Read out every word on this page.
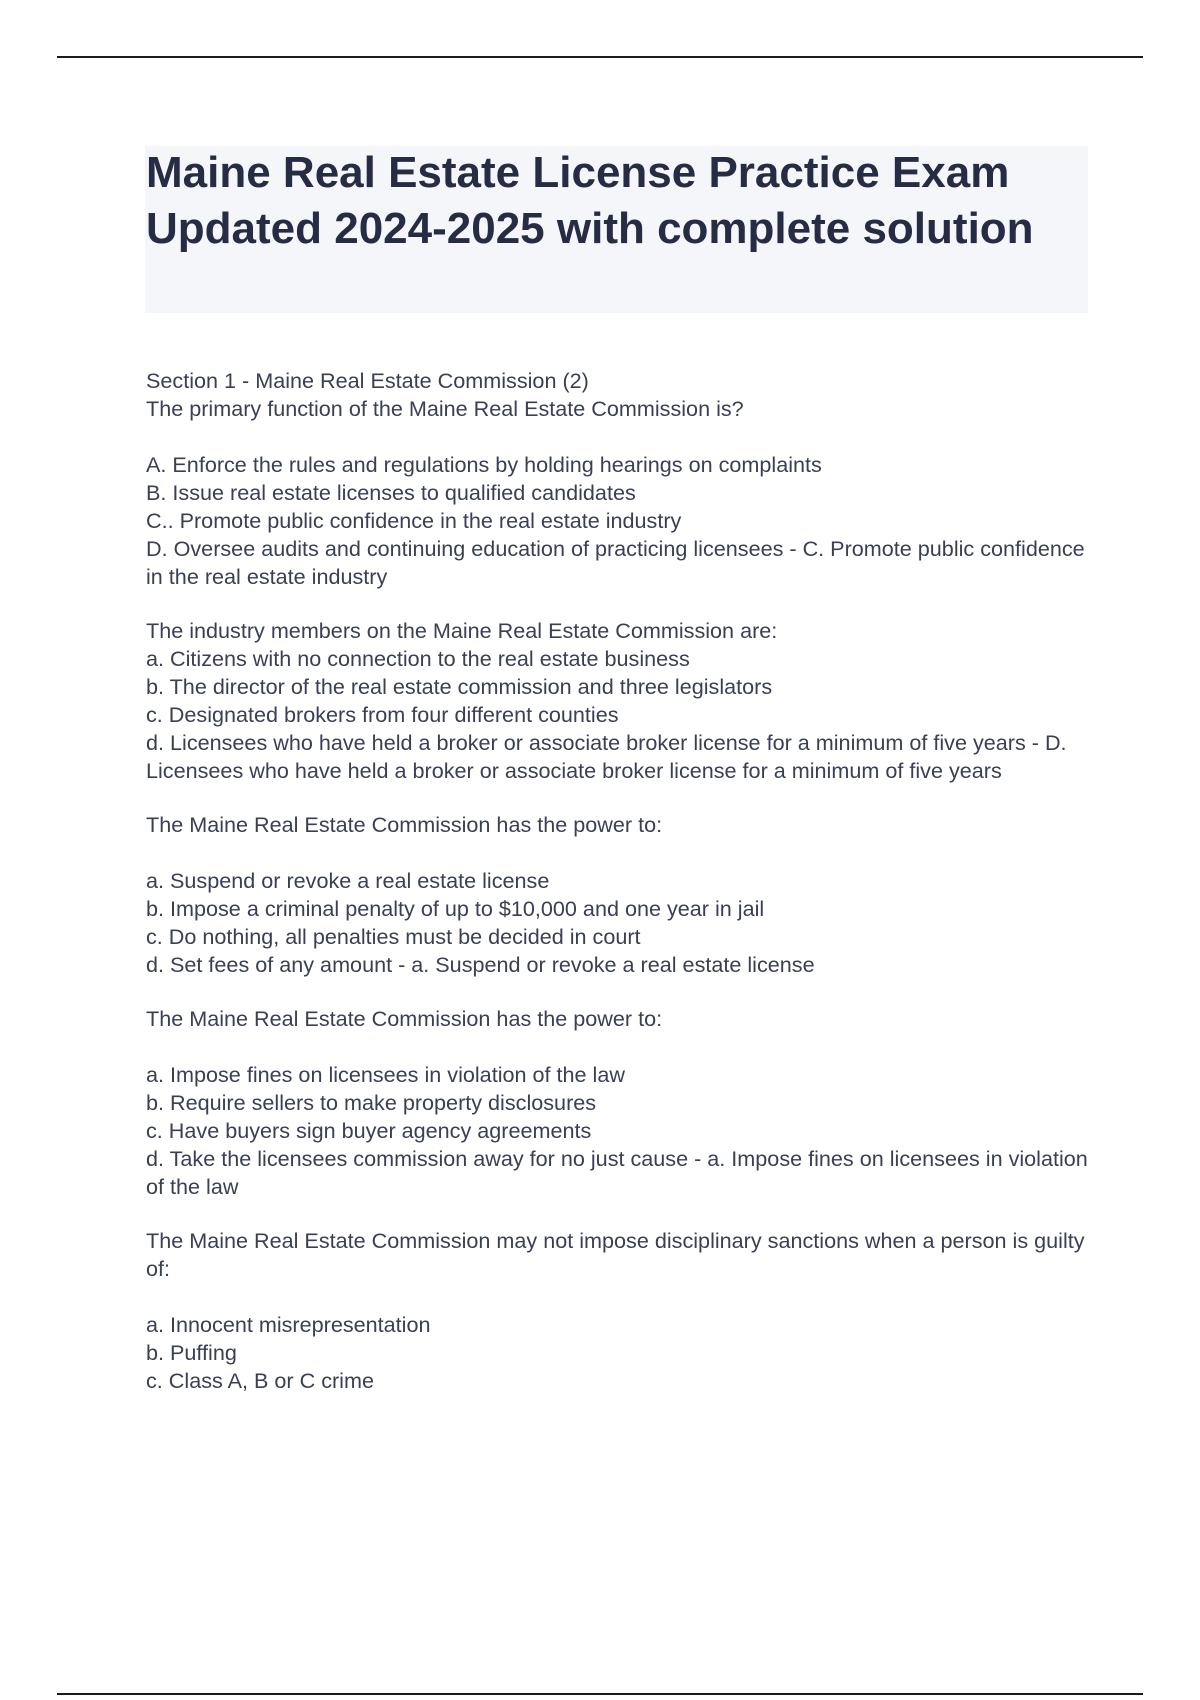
Maine Real Estate License Practice Exam Updated 2024-2025 with complete solution
Section 1 - Maine Real Estate Commission (2)
The primary function of the Maine Real Estate Commission is?
A. Enforce the rules and regulations by holding hearings on complaints
B. Issue real estate licenses to qualified candidates
C.. Promote public confidence in the real estate industry
D. Oversee audits and continuing education of practicing licensees - C. Promote public confidence in the real estate industry
The industry members on the Maine Real Estate Commission are:
a. Citizens with no connection to the real estate business
b. The director of the real estate commission and three legislators
c. Designated brokers from four different counties
d. Licensees who have held a broker or associate broker license for a minimum of five years - D. Licensees who have held a broker or associate broker license for a minimum of five years
The Maine Real Estate Commission has the power to:
a. Suspend or revoke a real estate license
b. Impose a criminal penalty of up to $10,000 and one year in jail
c. Do nothing, all penalties must be decided in court
d. Set fees of any amount - a. Suspend or revoke a real estate license
The Maine Real Estate Commission has the power to:
a. Impose fines on licensees in violation of the law
b. Require sellers to make property disclosures
c. Have buyers sign buyer agency agreements
d. Take the licensees commission away for no just cause - a. Impose fines on licensees in violation of the law
The Maine Real Estate Commission may not impose disciplinary sanctions when a person is guilty of:
a. Innocent misrepresentation
b. Puffing
c. Class A, B or C crime
